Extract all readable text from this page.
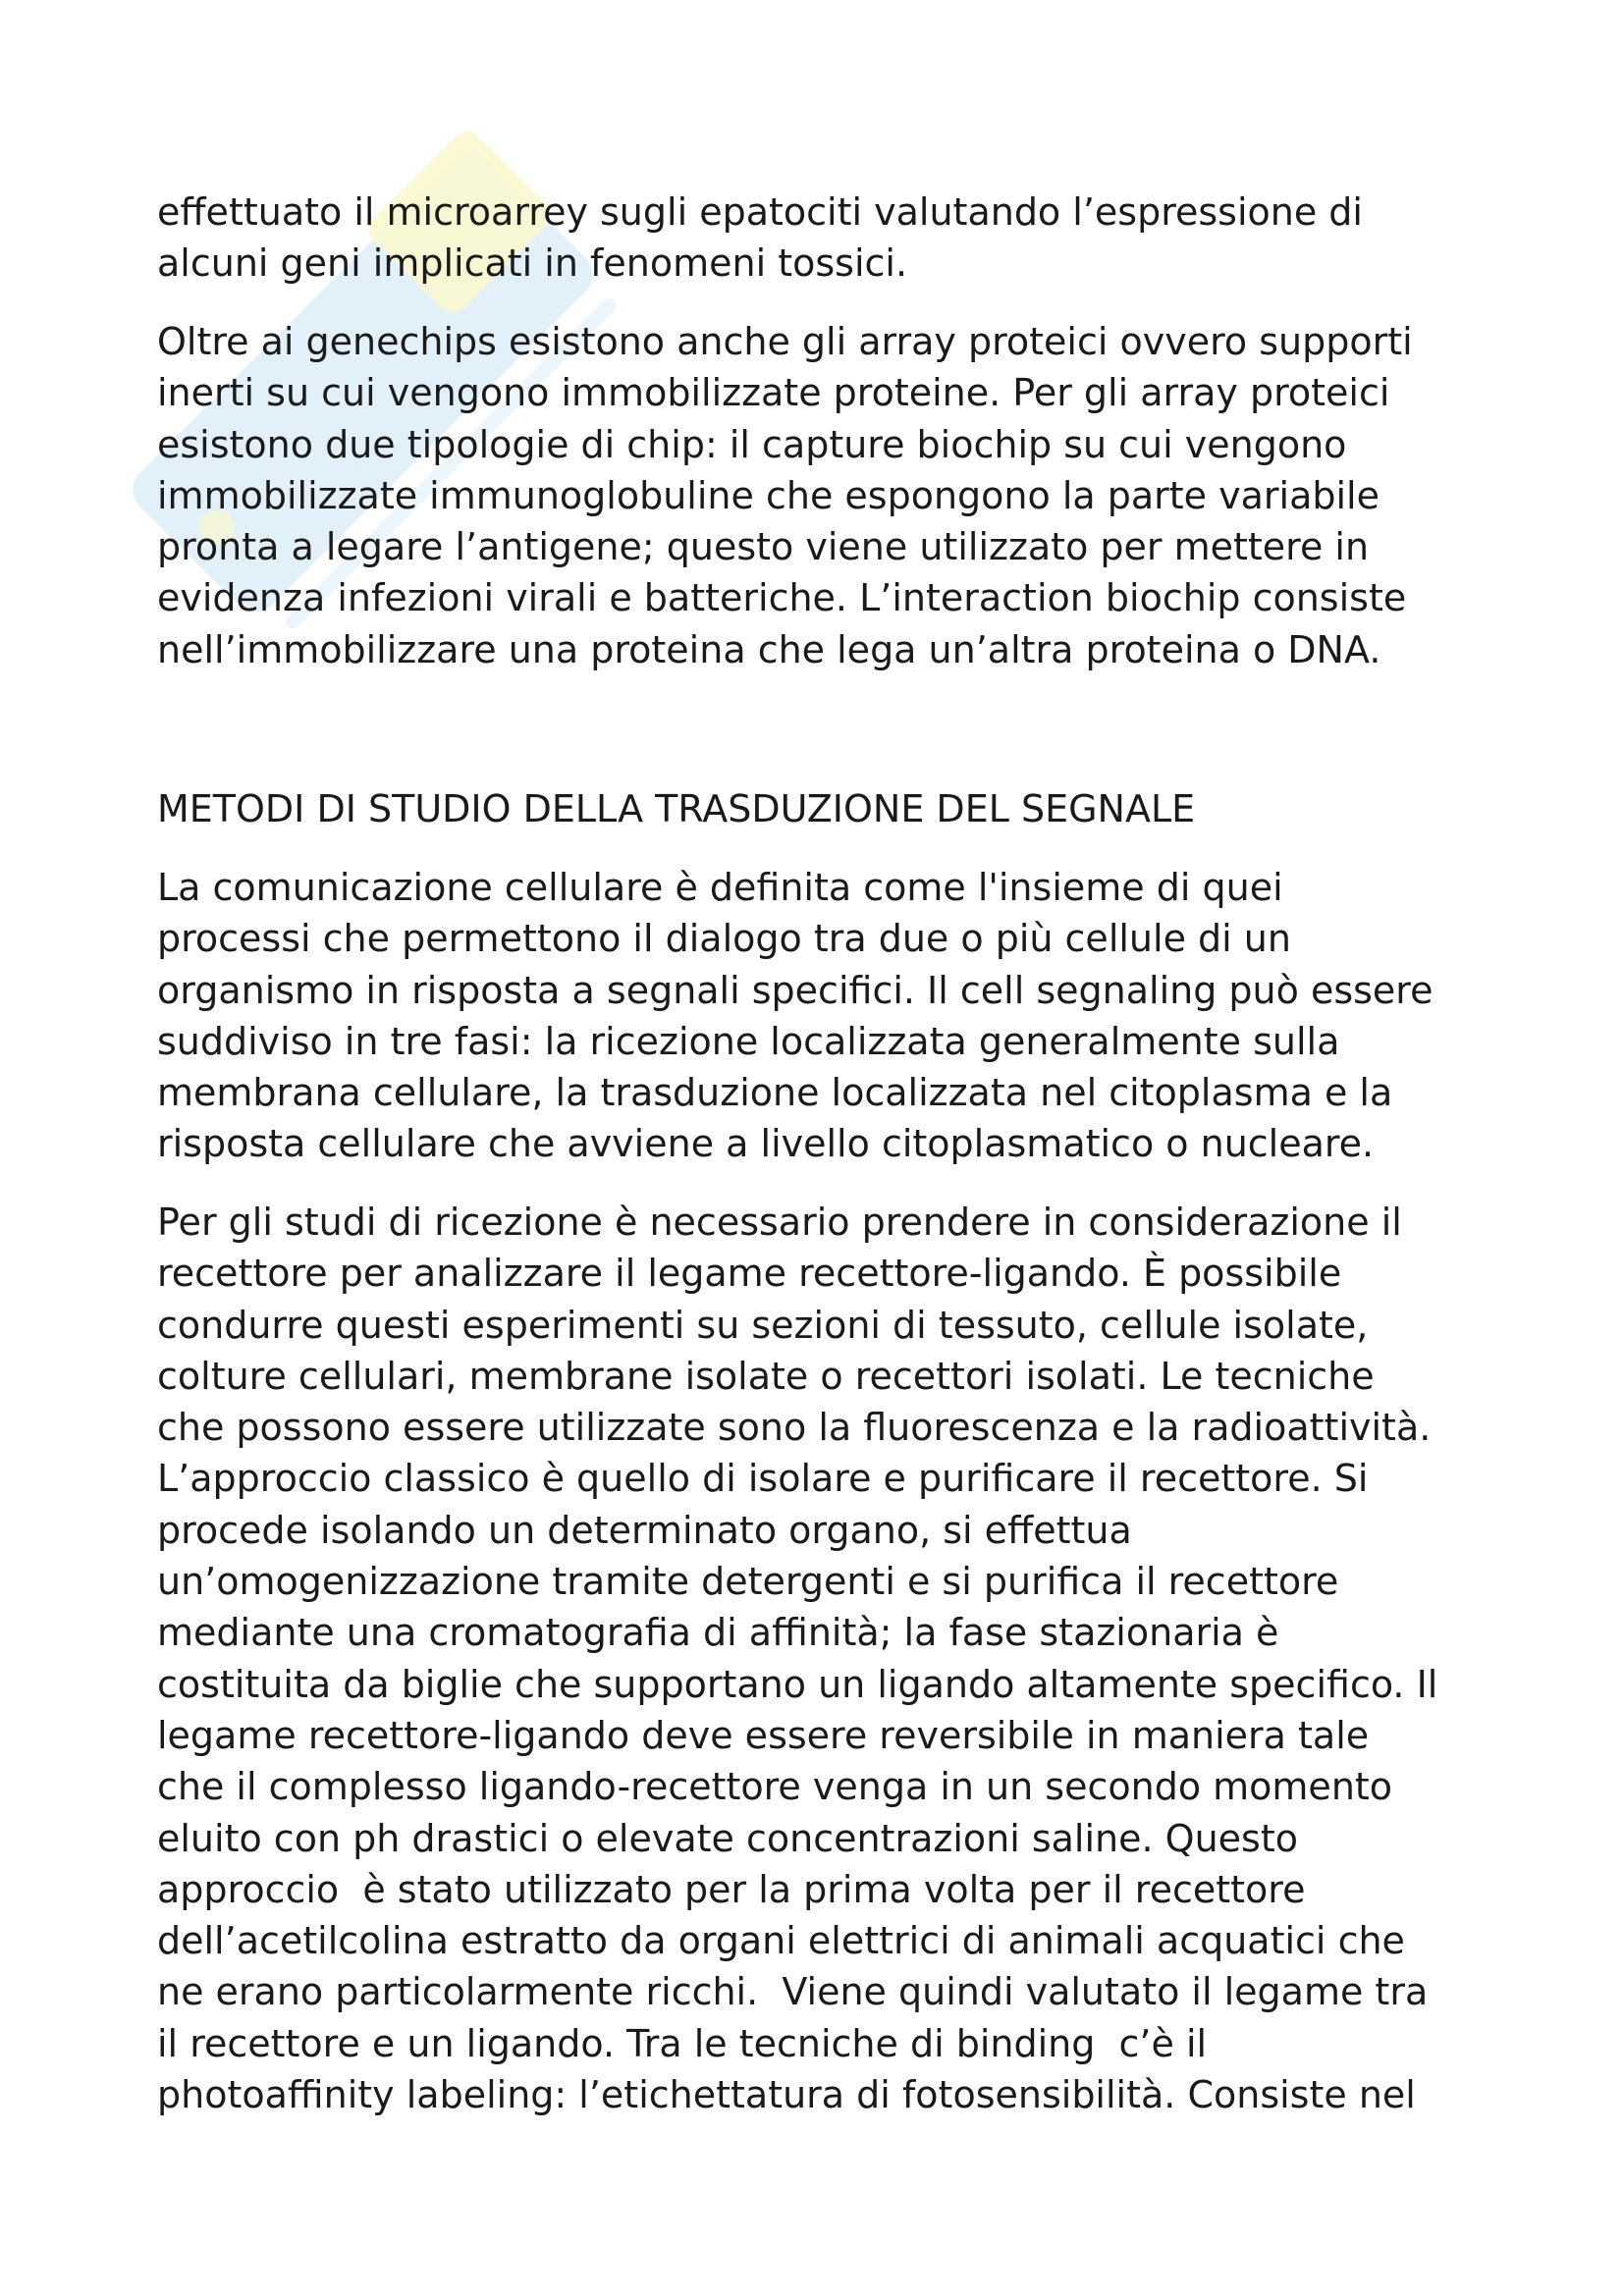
effettuato il microarrey sugli epatociti valutando l’espressione di
alcuni geni implicati in fenomeni tossici.
Oltre ai genechips esistono anche gli array proteici ovvero supporti
inerti su cui vengono immobilizzate proteine. Per gli array proteici
esistono due tipologie di chip: il capture biochip su cui vengono
immobilizzate immunoglobuline che espongono la parte variabile
pronta a legare l’antigene; questo viene utilizzato per mettere in
evidenza infezioni virali e batteriche. L’interaction biochip consiste
nell’immobilizzare una proteina che lega un’altra proteina o DNA.
METODI DI STUDIO DELLA TRASDUZIONE DEL SEGNALE
La comunicazione cellulare è definita come l'insieme di quei
processi che permettono il dialogo tra due o più cellule di un
organismo in risposta a segnali specifici. Il cell segnaling può essere
suddiviso in tre fasi: la ricezione localizzata generalmente sulla
membrana cellulare, la trasduzione localizzata nel citoplasma e la
risposta cellulare che avviene a livello citoplasmatico o nucleare.
Per gli studi di ricezione è necessario prendere in considerazione il
recettore per analizzare il legame recettore-ligando. È possibile
condurre questi esperimenti su sezioni di tessuto, cellule isolate,
colture cellulari, membrane isolate o recettori isolati. Le tecniche
che possono essere utilizzate sono la fluorescenza e la radioattività.
L’approccio classico è quello di isolare e purificare il recettore. Si
procede isolando un determinato organo, si effettua
un’omogenizzazione tramite detergenti e si purifica il recettore
mediante una cromatografia di affinità; la fase stazionaria è
costituita da biglie che supportano un ligando altamente specifico. Il
legame recettore-ligando deve essere reversibile in maniera tale
che il complesso ligando-recettore venga in un secondo momento
eluito con ph drastici o elevate concentrazioni saline. Questo
approccio  è stato utilizzato per la prima volta per il recettore
dell’acetilcolina estratto da organi elettrici di animali acquatici che
ne erano particolarmente ricchi.  Viene quindi valutato il legame tra
il recettore e un ligando. Tra le tecniche di binding  c’è il
photoaffinity labeling: l’etichettatura di fotosensibilità. Consiste nel
